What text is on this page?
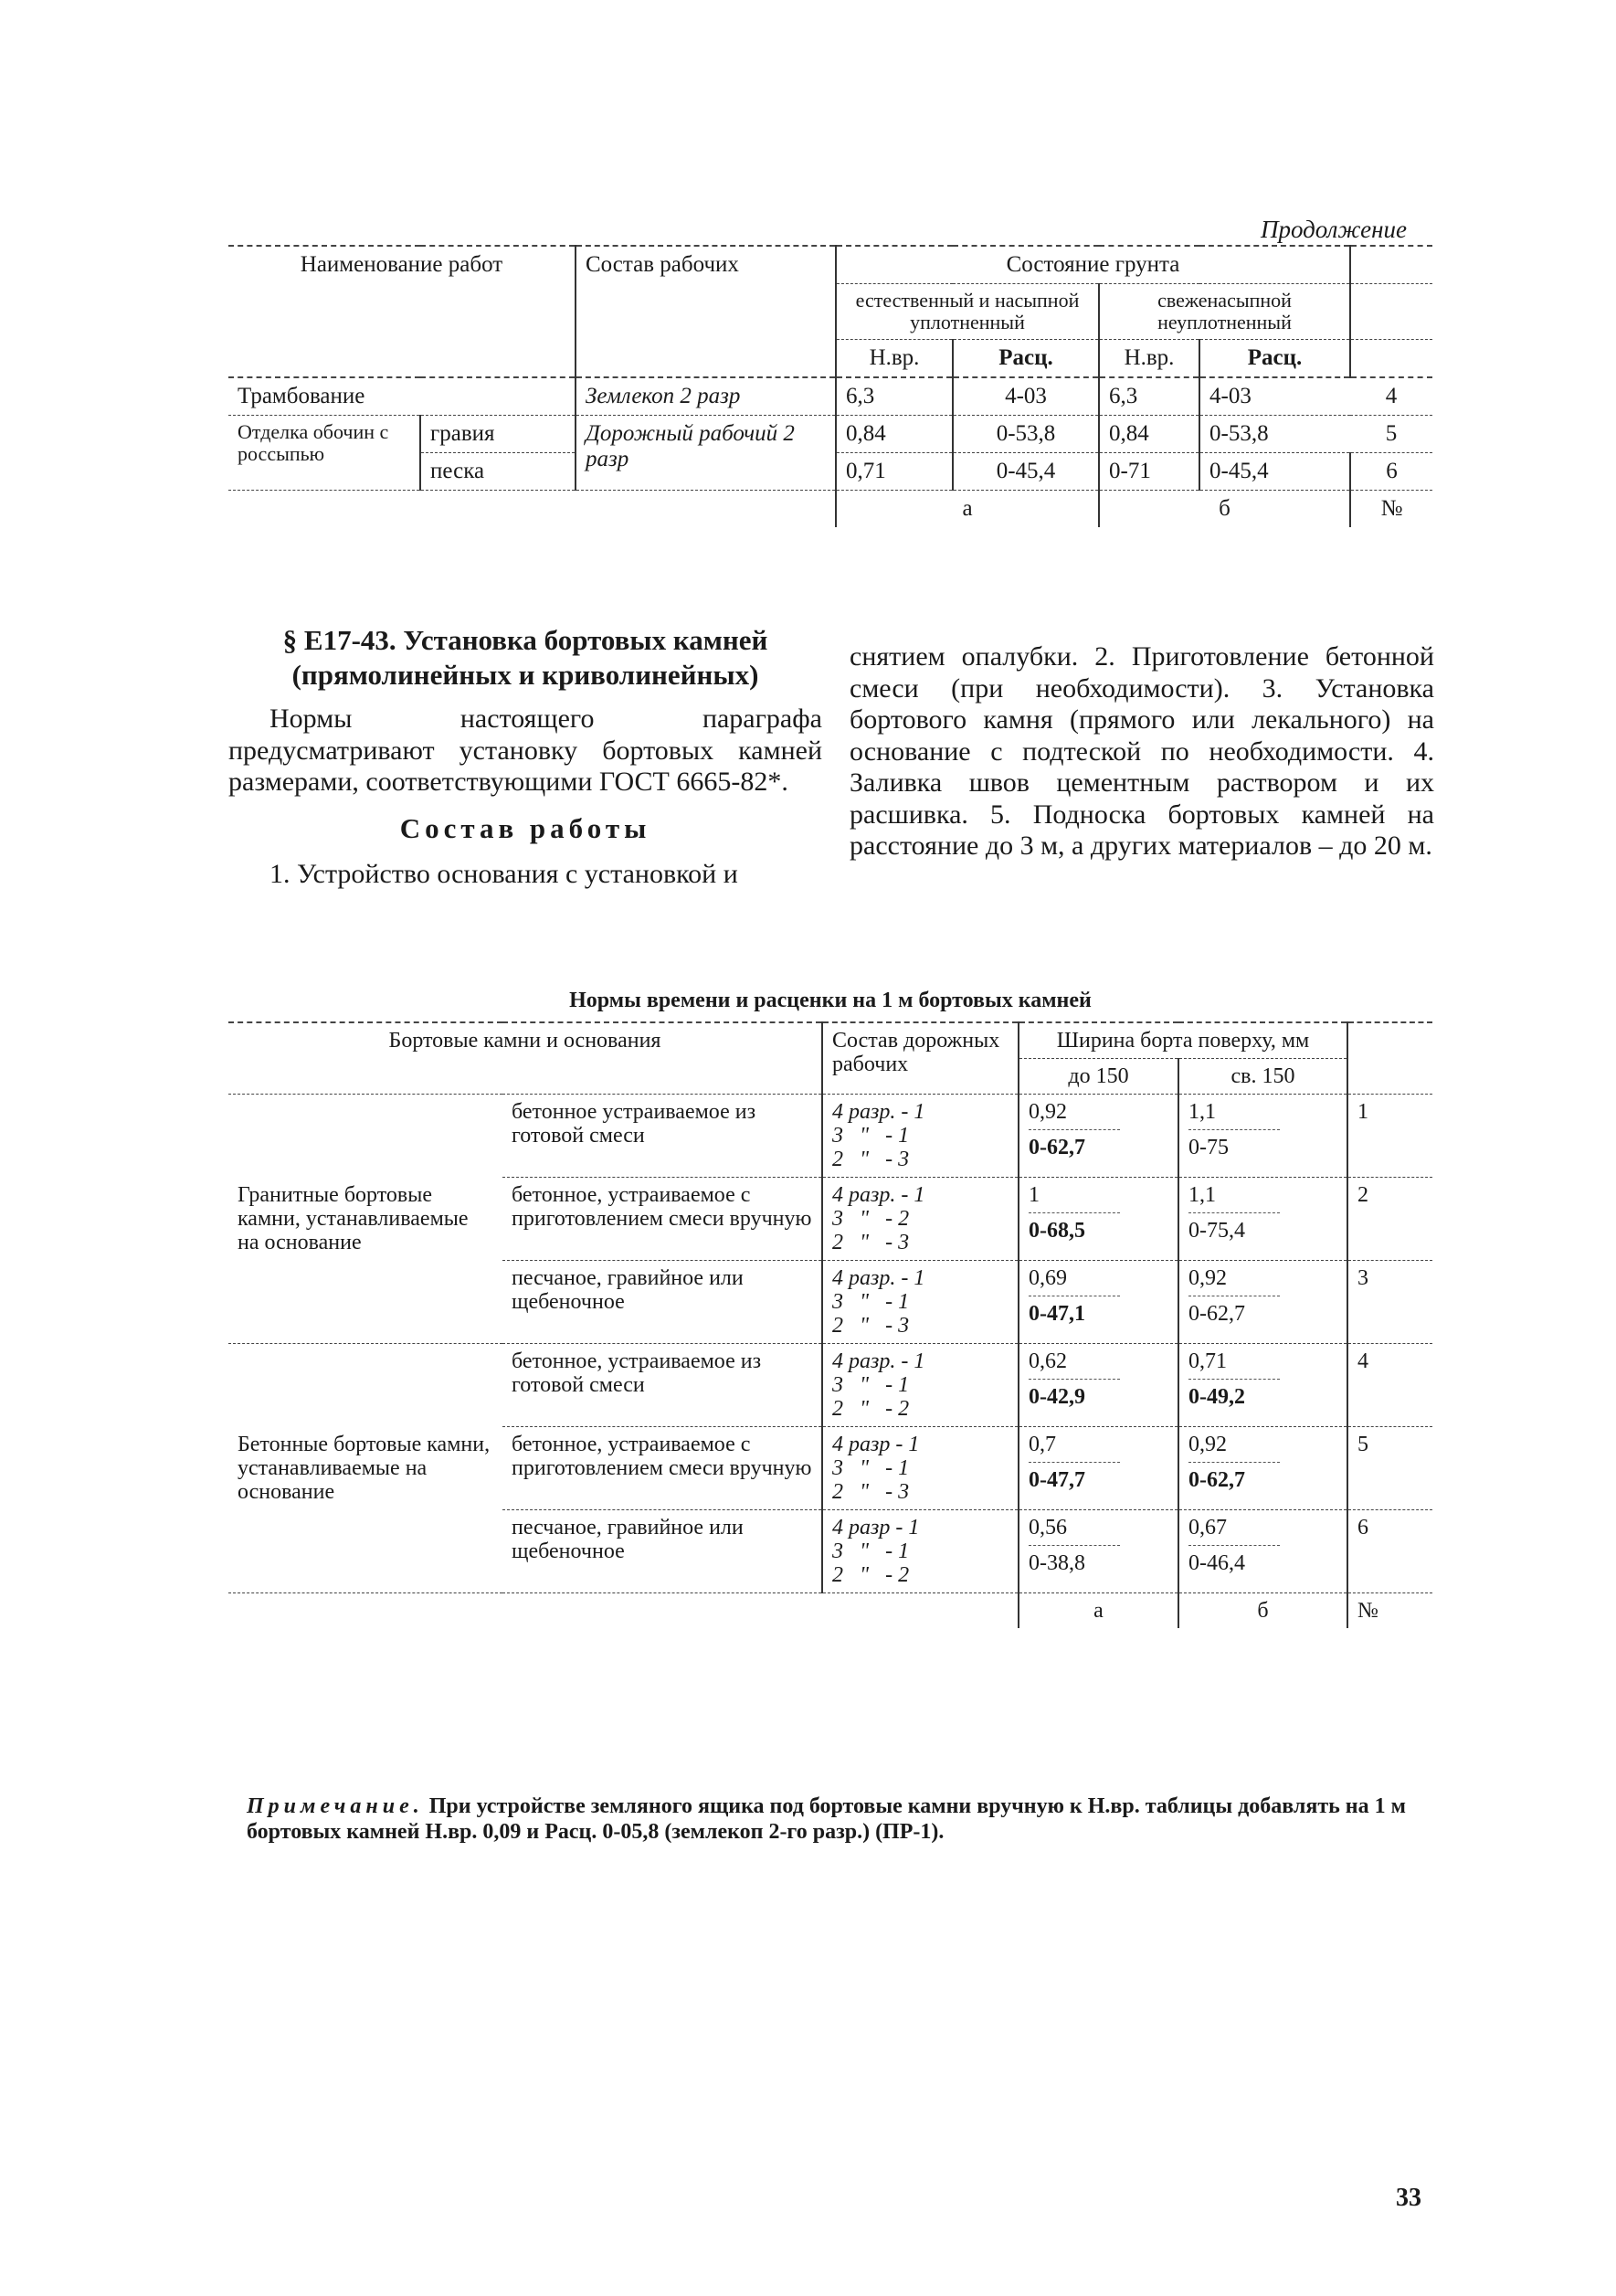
Продолжение
Наименование работ		Состав рабочих	Состояние грунта				
			естественный и насыпной уплотненный		свеженасыпной неуплотненный		
			Н.вр.	Расц.	Н.вр.	Расц.	
Трамбование		Землекоп 2 разр	6,3	4-03	6,3	4-03	4
Отделка обочин с россыпью	гравия	Дорожный рабочий 2 разр	0,84	0-53,8	0,84	0-53,8	5
	песка		0,71	0-45,4	0-71	0-45,4	6
			а		б		№
§ Е17-43. Установка бортовых камней (прямолинейных и криволинейных)

Нормы настоящего параграфа предусматривают установку бортовых камней размерами, соответствующими ГОСТ 6665-82*.

Состав работы

1. Устройство основания с установкой и

снятием опалубки. 2. Приготовление бетонной смеси (при необходимости). 3. Установка бортового камня (прямого или лекального) на основание с подтеской по необходимости. 4. Заливка швов цементным раствором и их расшивка. 5. Подноска бортовых камней на расстояние до 3 м, а других материалов – до 20 м.

Нормы времени и расценки на 1 м бортовых камней
Бортовые камни и основания		Состав дорожных рабочих	Ширина борта поверху, мм		
			до 150	св. 150	
Гранитные бортовые камни, устанавливаемые на основание	бетонное устраиваемое из готовой смеси	4 разр. - 1
3   "   - 1
2   "   - 3	$\frac{0,92}{0-62,7}$	$\frac{1,1}{0-75}$	1
	бетонное, устраиваемое с приготовлением смеси вручную	4 разр. - 1
3   "   - 2
2   "   - 3	$\frac{1}{0-68,5}$	$\frac{1,1}{0-75,4}$	2
	песчаное, гравийное или щебеночное	4 разр. - 1
3   "   - 1
2   "   - 3	$\frac{0,69}{0-47,1}$	$\frac{0,92}{0-62,7}$	3
Бетонные бортовые камни, устанавливаемые на основание	бетонное, устраиваемое из готовой смеси	4 разр. - 1
3   "   - 1
2   "   - 2	$\frac{0,62}{0-42,9}$	$\frac{0,71}{0-49,2}$	4
	бетонное, устраиваемое с приготовлением смеси вручную	4 разр - 1
3   "   - 1
2   "   - 3	$\frac{0,7}{0-47,7}$	$\frac{0,92}{0-62,7}$	5
	песчаное, гравийное или щебеночное	4 разр - 1
3   "   - 1
2   "   - 2	$\frac{0,56}{0-38,8}$	$\frac{0,67}{0-46,4}$	6
			а	б	№
Примечание. При устройстве земляного ящика под бортовые камни вручную к Н.вр. таблицы добавлять на 1 м бортовых камней Н.вр. 0,09 и Расц. 0-05,8 (землекоп 2-го разр.) (ПР-1).
33
